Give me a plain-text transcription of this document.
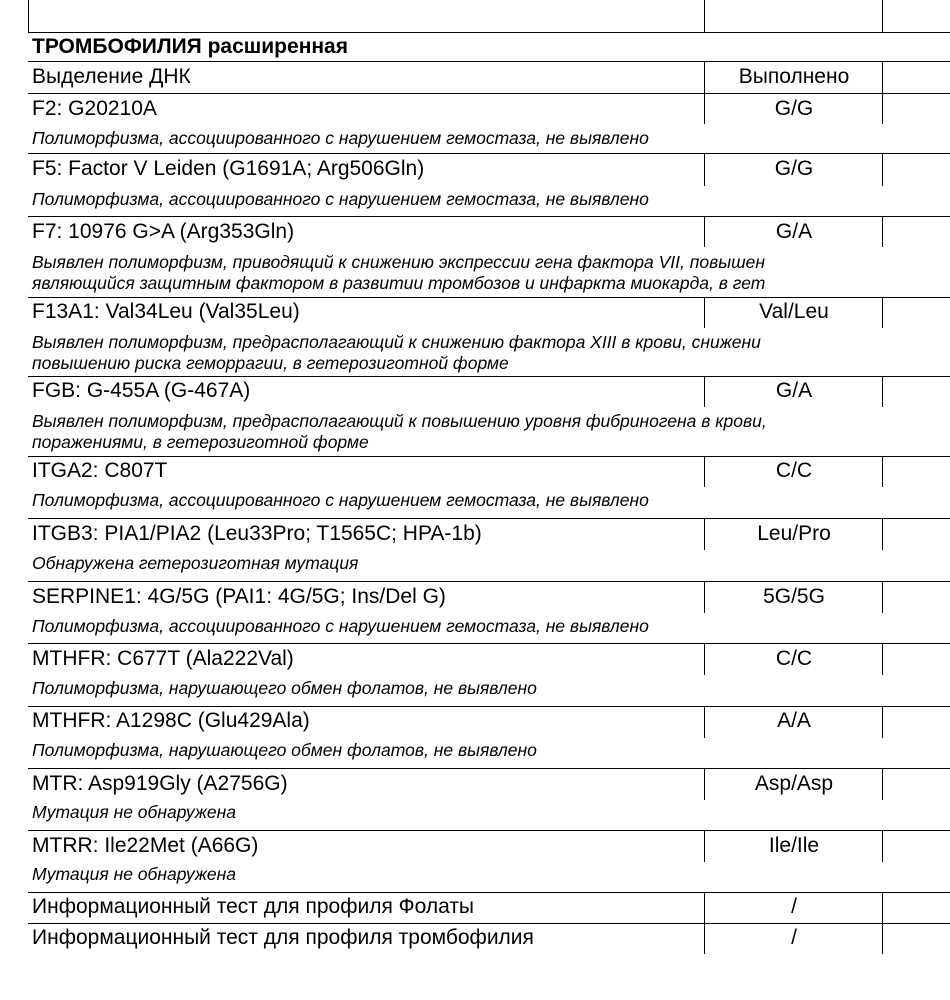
ТРОМБОФИЛИЯ расширенная
Выделение ДНК	Выполнено
F2: G20210A	G/G
Полиморфизма, ассоциированного с нарушением гемостаза, не выявлено
F5: Factor V Leiden (G1691A; Arg506Gln)	G/G
Полиморфизма, ассоциированного с нарушением гемостаза, не выявлено
F7: 10976 G>A (Arg353Gln)	G/A
Выявлен полиморфизм, приводящий к снижению экспрессии гена фактора VII, повышен
являющийся защитным фактором в развитии тромбозов и инфаркта миокарда, в гет
F13A1: Val34Leu (Val35Leu)	Val/Leu
Выявлен полиморфизм, предрасполагающий к снижению фактора XIII в крови, снижени
повышению риска геморрагии, в гетерозиготной форме
FGB: G-455A (G-467A)	G/A
Выявлен полиморфизм, предрасполагающий к повышению уровня фибриногена в крови,
поражениями, в гетерозиготной форме
ITGA2: C807T	C/C
Полиморфизма, ассоциированного с нарушением гемостаза, не выявлено
ITGB3: PIA1/PIA2 (Leu33Pro; T1565C; HPA-1b)	Leu/Pro
Обнаружена гетерозиготная мутация
SERPINE1: 4G/5G (PAI1: 4G/5G; Ins/Del G)	5G/5G
Полиморфизма, ассоциированного с нарушением гемостаза, не выявлено
MTHFR: C677T (Ala222Val)	C/C
Полиморфизма, нарушающего обмен фолатов, не выявлено
MTHFR: A1298C (Glu429Ala)	A/A
Полиморфизма, нарушающего обмен фолатов, не выявлено
MTR: Asp919Gly (A2756G)	Asp/Asp
Мутация не обнаружена
MTRR: Ile22Met (A66G)	Ile/Ile
Мутация не обнаружена
Информационный тест для профиля Фолаты	/
Информационный тест для профиля тромбофилия	/
